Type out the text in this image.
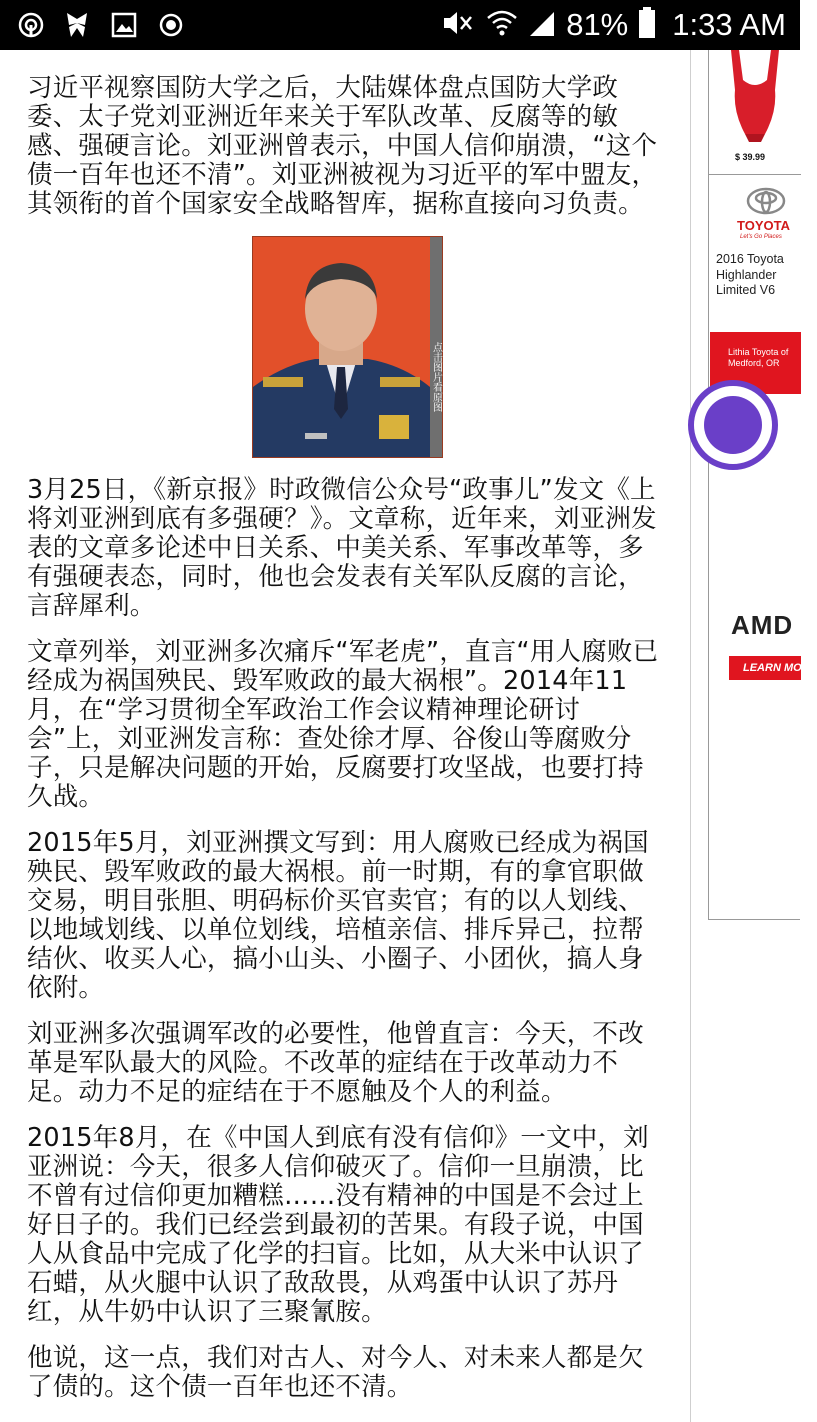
81% 1:33 AM

习近平视察国防大学之后，大陆媒体盘点国防大学政委、太子党刘亚洲近年来关于军队改革、反腐等的敏感、强硬言论。刘亚洲曾表示，中国人信仰崩溃，“这个债一百年也还不清”。刘亚洲被视为习近平的军中盟友，其领衔的首个国家安全战略智库，据称直接向习负责。

点击图片看原图

3月25日，《新京报》时政微信公众号“政事儿”发文《上将刘亚洲到底有多强硬？》。文章称，近年来，刘亚洲发表的文章多论述中日关系、中美关系、军事改革等，多有强硬表态，同时，他也会发表有关军队反腐的言论，言辞犀利。

文章列举，刘亚洲多次痛斥“军老虎”，直言“用人腐败已经成为祸国殃民、毁军败政的最大祸根”。2014年11月，在“学习贯彻全军政治工作会议精神理论研讨会”上，刘亚洲发言称：查处徐才厚、谷俊山等腐败分子，只是解决问题的开始，反腐要打攻坚战，也要打持久战。

2015年5月，刘亚洲撰文写到：用人腐败已经成为祸国殃民、毁军败政的最大祸根。前一时期，有的拿官职做交易，明目张胆、明码标价买官卖官；有的以人划线、以地域划线、以单位划线，培植亲信、排斥异己，拉帮结伙、收买人心，搞小山头、小圈子、小团伙，搞人身依附。

刘亚洲多次强调军改的必要性，他曾直言：今天，不改革是军队最大的风险。不改革的症结在于改革动力不足。动力不足的症结在于不愿触及个人的利益。

2015年8月，在《中国人到底有没有信仰》一文中，刘亚洲说：今天，很多人信仰破灭了。信仰一旦崩溃，比不曾有过信仰更加糟糕……没有精神的中国是不会过上好日子的。我们已经尝到最初的苦果。有段子说，中国人从食品中完成了化学的扫盲。比如，从大米中认识了石蜡，从火腿中认识了敌敌畏，从鸡蛋中认识了苏丹红，从牛奶中认识了三聚氰胺。

他说，这一点，我们对古人、对今人、对未来人都是欠了债的。这个债一百年也还不清。

$ 39.99
TOYOTA
Let's Go Places
2016 Toyota Highlander Limited V6
Lithia Toyota of Medford, OR
AMD
LEARN MORE
